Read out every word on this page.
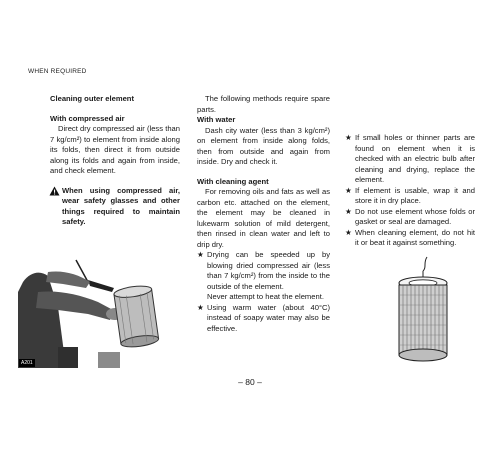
WHEN REQUIRED

Cleaning outer element

With compressed air

Direct dry compressed air (less than 7 kg/cm²) to element from inside along its folds, then direct it from outside along its folds and again from inside, and check element.

When using compressed air, wear safety glasses and other things required to maintain safety.

A201

The following methods require spare parts.

With water

Dash city water (less than 3 kg/cm²) on element from inside along folds, then from outside and again from inside. Dry and check it.

With cleaning agent

For removing oils and fats as well as carbon etc. attached on the element, the element may be cleaned in lukewarm solution of mild detergent, then rinsed in clean water and left to drip dry.

★ Drying can be speeded up by blowing dried compressed air (less than 7 kg/cm²) from the inside to the outside of the element.

Never attempt to heat the element.

★ Using warm water (about 40°C) instead of soapy water may also be effective.

★ If small holes or thinner parts are found on element when it is checked with an electric bulb after cleaning and drying, replace the element.

★ If element is usable, wrap it and store it in dry place.

★ Do not use element whose folds or gasket or seal are damaged.

★ When cleaning element, do not hit it or beat it against something.

– 80 –
